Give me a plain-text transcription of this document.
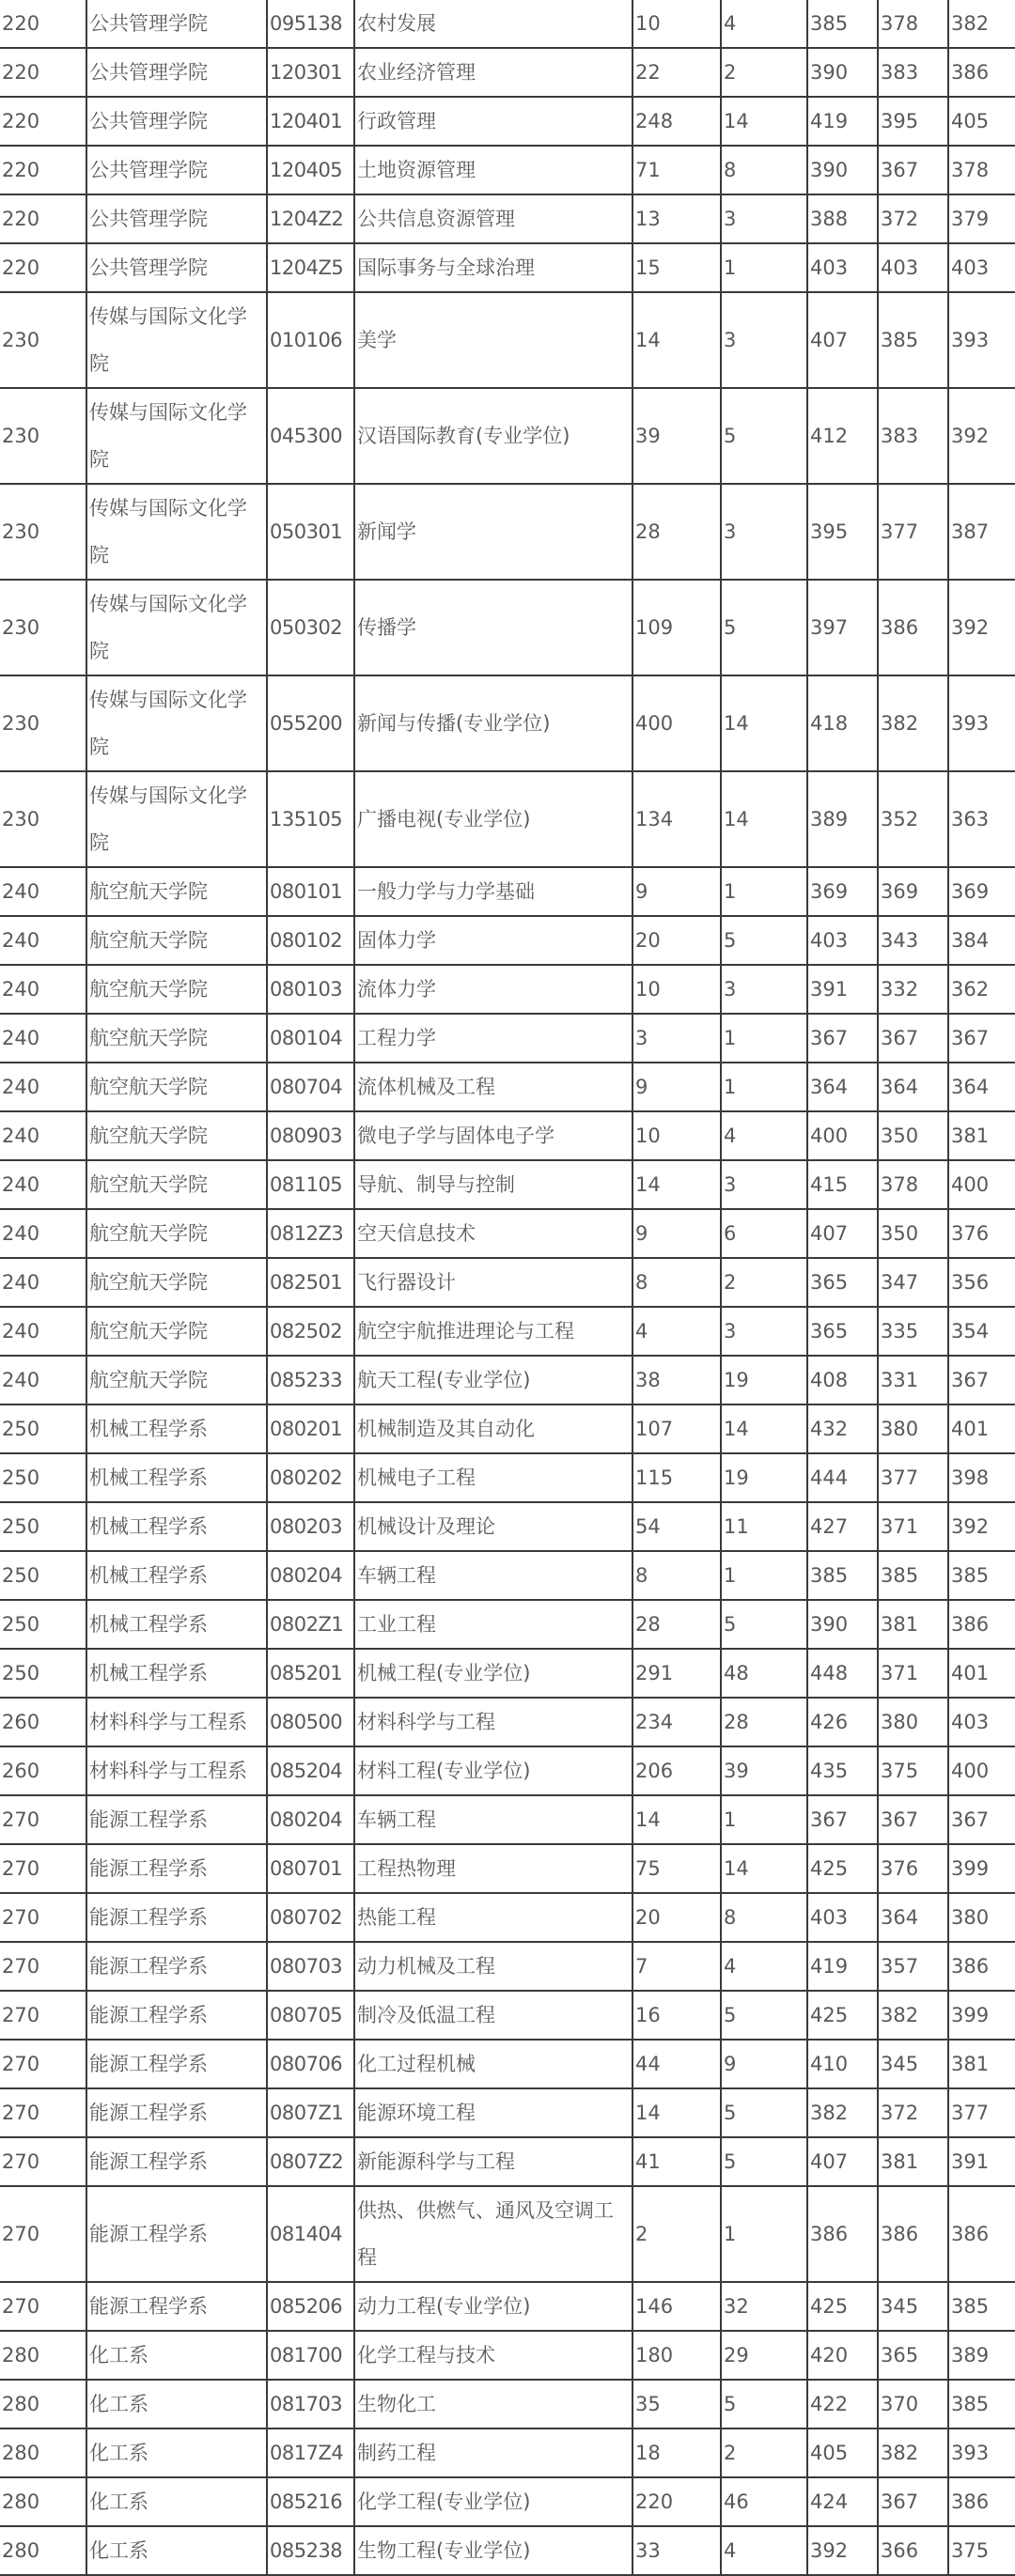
220	公共管理学院	095138	农村发展	10	4	385	378	382
220	公共管理学院	120301	农业经济管理	22	2	390	383	386
220	公共管理学院	120401	行政管理	248	14	419	395	405
220	公共管理学院	120405	土地资源管理	71	8	390	367	378
220	公共管理学院	1204Z2	公共信息资源管理	13	3	388	372	379
220	公共管理学院	1204Z5	国际事务与全球治理	15	1	403	403	403
230	传媒与国际文化学院	010106	美学	14	3	407	385	393
230	传媒与国际文化学院	045300	汉语国际教育(专业学位)	39	5	412	383	392
230	传媒与国际文化学院	050301	新闻学	28	3	395	377	387
230	传媒与国际文化学院	050302	传播学	109	5	397	386	392
230	传媒与国际文化学院	055200	新闻与传播(专业学位)	400	14	418	382	393
230	传媒与国际文化学院	135105	广播电视(专业学位)	134	14	389	352	363
240	航空航天学院	080101	一般力学与力学基础	9	1	369	369	369
240	航空航天学院	080102	固体力学	20	5	403	343	384
240	航空航天学院	080103	流体力学	10	3	391	332	362
240	航空航天学院	080104	工程力学	3	1	367	367	367
240	航空航天学院	080704	流体机械及工程	9	1	364	364	364
240	航空航天学院	080903	微电子学与固体电子学	10	4	400	350	381
240	航空航天学院	081105	导航、制导与控制	14	3	415	378	400
240	航空航天学院	0812Z3	空天信息技术	9	6	407	350	376
240	航空航天学院	082501	飞行器设计	8	2	365	347	356
240	航空航天学院	082502	航空宇航推进理论与工程	4	3	365	335	354
240	航空航天学院	085233	航天工程(专业学位)	38	19	408	331	367
250	机械工程学系	080201	机械制造及其自动化	107	14	432	380	401
250	机械工程学系	080202	机械电子工程	115	19	444	377	398
250	机械工程学系	080203	机械设计及理论	54	11	427	371	392
250	机械工程学系	080204	车辆工程	8	1	385	385	385
250	机械工程学系	0802Z1	工业工程	28	5	390	381	386
250	机械工程学系	085201	机械工程(专业学位)	291	48	448	371	401
260	材料科学与工程系	080500	材料科学与工程	234	28	426	380	403
260	材料科学与工程系	085204	材料工程(专业学位)	206	39	435	375	400
270	能源工程学系	080204	车辆工程	14	1	367	367	367
270	能源工程学系	080701	工程热物理	75	14	425	376	399
270	能源工程学系	080702	热能工程	20	8	403	364	380
270	能源工程学系	080703	动力机械及工程	7	4	419	357	386
270	能源工程学系	080705	制冷及低温工程	16	5	425	382	399
270	能源工程学系	080706	化工过程机械	44	9	410	345	381
270	能源工程学系	0807Z1	能源环境工程	14	5	382	372	377
270	能源工程学系	0807Z2	新能源科学与工程	41	5	407	381	391
270	能源工程学系	081404	供热、供燃气、通风及空调工程	2	1	386	386	386
270	能源工程学系	085206	动力工程(专业学位)	146	32	425	345	385
280	化工系	081700	化学工程与技术	180	29	420	365	389
280	化工系	081703	生物化工	35	5	422	370	385
280	化工系	0817Z4	制药工程	18	2	405	382	393
280	化工系	085216	化学工程(专业学位)	220	46	424	367	386
280	化工系	085238	生物工程(专业学位)	33	4	392	366	375
